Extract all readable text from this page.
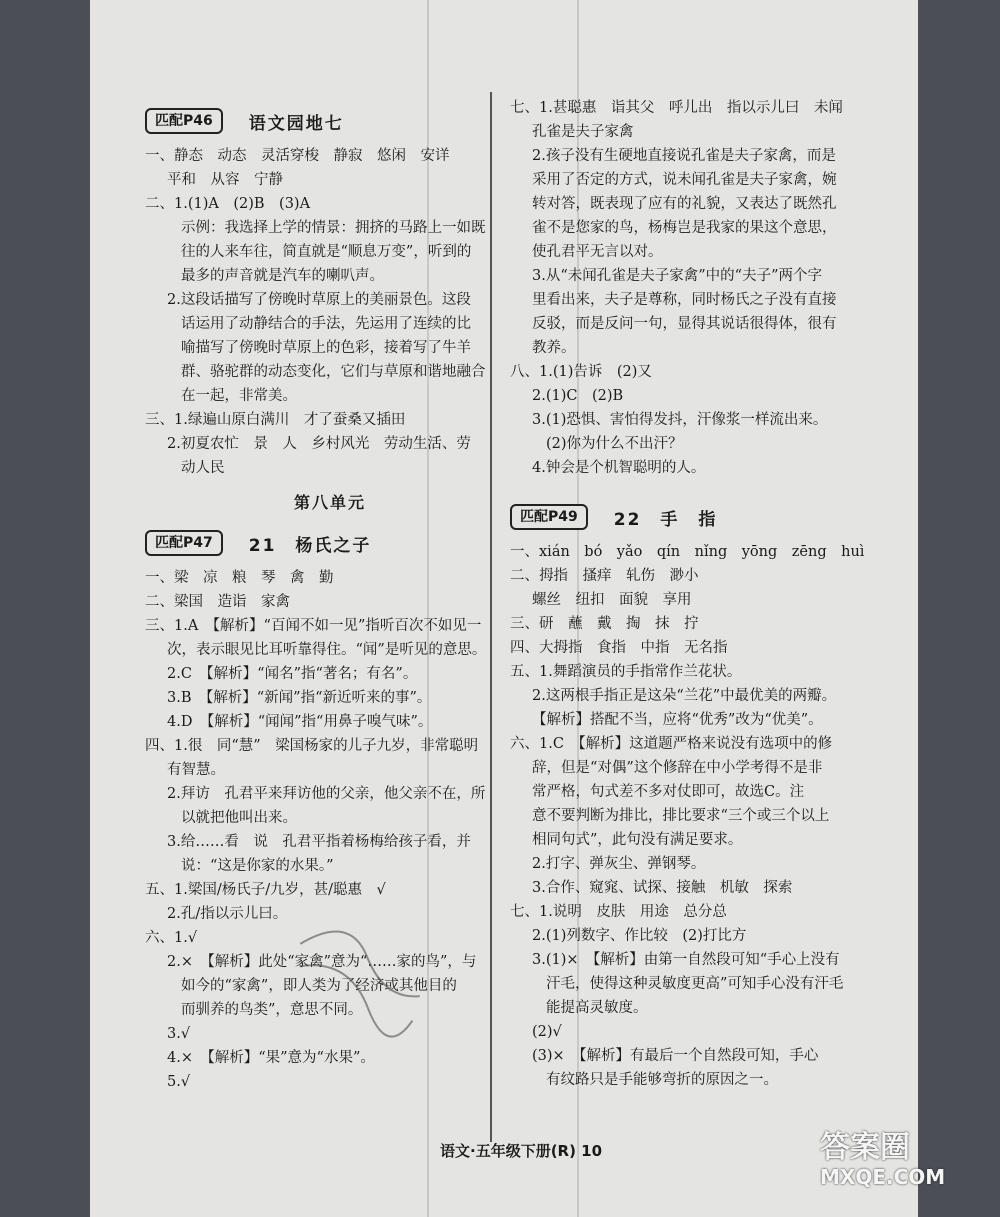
匹配P46	语文园地七
一、静态　动态　灵活穿梭　静寂　悠闲　安详
平和　从容　宁静
二、1.(1)A　(2)B　(3)A
示例：我选择上学的情景：拥挤的马路上一如既
往的人来车往，简直就是“顺息万变”，听到的
最多的声音就是汽车的喇叭声。
2.这段话描写了傍晚时草原上的美丽景色。这段
话运用了动静结合的手法，先运用了连续的比
喻描写了傍晚时草原上的色彩，接着写了牛羊
群、骆驼群的动态变化，它们与草原和谐地融合
在一起，非常美。
三、1.绿遍山原白满川　才了蚕桑又插田
2.初夏农忙　景　人　乡村风光　劳动生活、劳
动人民
第八单元
匹配P47	21　杨氏之子
一、梁　凉　粮　琴　禽　勤
二、梁国　造诣　家禽
三、1.A　【解析】“百闻不如一见”指听百次不如见一
次，表示眼见比耳听靠得住。“闻”是听见的意思。
2.C　【解析】“闻名”指“著名；有名”。
3.B　【解析】“新闻”指“新近听来的事”。
4.D　【解析】“闻闻”指“用鼻子嗅气味”。
四、1.很　同“慧”　梁国杨家的儿子九岁，非常聪明
有智慧。
2.拜访　孔君平来拜访他的父亲，他父亲不在，所
以就把他叫出来。
3.给……看　说　孔君平指着杨梅给孩子看，并
说：“这是你家的水果。”
五、1.梁国/杨氏子/九岁，甚/聪惠　√
2.孔/指以示儿曰。
六、1.√
2.×　【解析】此处“家禽”意为“……家的鸟”，与
如今的“家禽”，即人类为了经济或其他目的
而驯养的鸟类”，意思不同。
3.√
4.×　【解析】“果”意为“水果”。
5.√
七、1.甚聪惠　诣其父　呼儿出　指以示儿曰　未闻
孔雀是夫子家禽
2.孩子没有生硬地直接说孔雀是夫子家禽，而是
采用了否定的方式，说未闻孔雀是夫子家禽，婉
转对答，既表现了应有的礼貌，又表达了既然孔
雀不是您家的鸟，杨梅岂是我家的果这个意思，
使孔君平无言以对。
3.从“未闻孔雀是夫子家禽”中的“夫子”两个字
里看出来，夫子是尊称，同时杨氏之子没有直接
反驳，而是反问一句，显得其说话很得体，很有
教养。
八、1.(1)告诉　(2)又
2.(1)C　(2)B
3.(1)恐惧、害怕得发抖，汗像浆一样流出来。
(2)你为什么不出汗？
4.钟会是个机智聪明的人。
匹配P49	22　手　指
一、xián　bó　yǎo　qín　nǐng　yōng　zēng　huì
二、拇指　搔痒　轧伤　渺小
螺丝　纽扣　面貌　享用
三、研　蘸　戴　掏　抹　拧
四、大拇指　食指　中指　无名指
五、1.舞蹈演员的手指常作兰花状。
2.这两根手指正是这朵“兰花”中最优美的两瓣。
【解析】搭配不当，应将“优秀”改为“优美”。
六、1.C　【解析】这道题严格来说没有选项中的修
辞，但是“对偶”这个修辞在中小学考得不是非
常严格，句式差不多对仗即可，故选C。注
意不要判断为排比，排比要求“三个或三个以上
相同句式”，此句没有满足要求。
2.打字、弹灰尘、弹钢琴。
3.合作、窥窕、试探、接触　机敏　探索
七、1.说明　皮肤　用途　总分总
2.(1)列数字、作比较　(2)打比方
3.(1)×　【解析】由第一自然段可知“手心上没有
汗毛，使得这种灵敏度更高”可知手心没有汗毛
能提高灵敏度。
(2)√
(3)×　【解析】有最后一个自然段可知，手心
有纹路只是手能够弯折的原因之一。
语文·五年级下册(R) 10	答案圈
MXQE.COM
